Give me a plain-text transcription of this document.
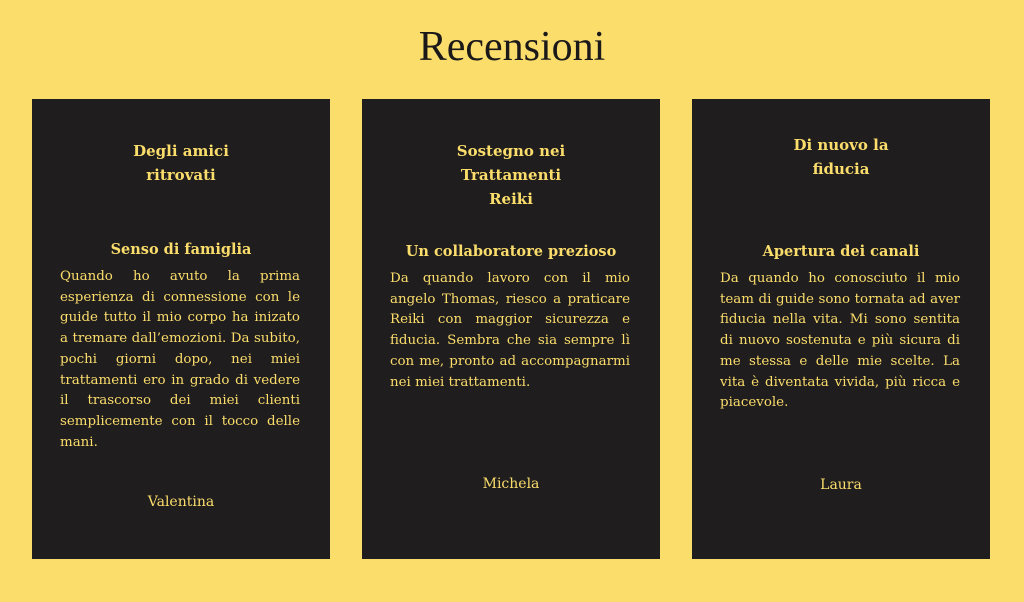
Recensioni
Degli amici ritrovati
Senso di famiglia

Quando ho avuto la prima esperienza di connessione con le guide tutto il mio corpo ha inizato a tremare dall’emozioni. Da subito, pochi giorni dopo, nei miei trattamenti ero in grado di vedere il trascorso dei miei clienti semplicemente con il tocco delle mani.

Valentina

Sostegno nei Trattamenti Reiki
Un collaboratore prezioso

Da quando lavoro con il mio angelo Thomas, riesco a praticare Reiki con maggior sicurezza e fiducia. Sembra che sia sempre lì con me, pronto ad accompagnarmi nei miei trattamenti.

Michela

Di nuovo la fiducia
Apertura dei canali

Da quando ho conosciuto il mio team di guide sono tornata ad aver fiducia nella vita. Mi sono sentita di nuovo sostenuta e più sicura di me stessa e delle mie scelte. La vita è diventata vivida, più ricca e piacevole.

Laura
